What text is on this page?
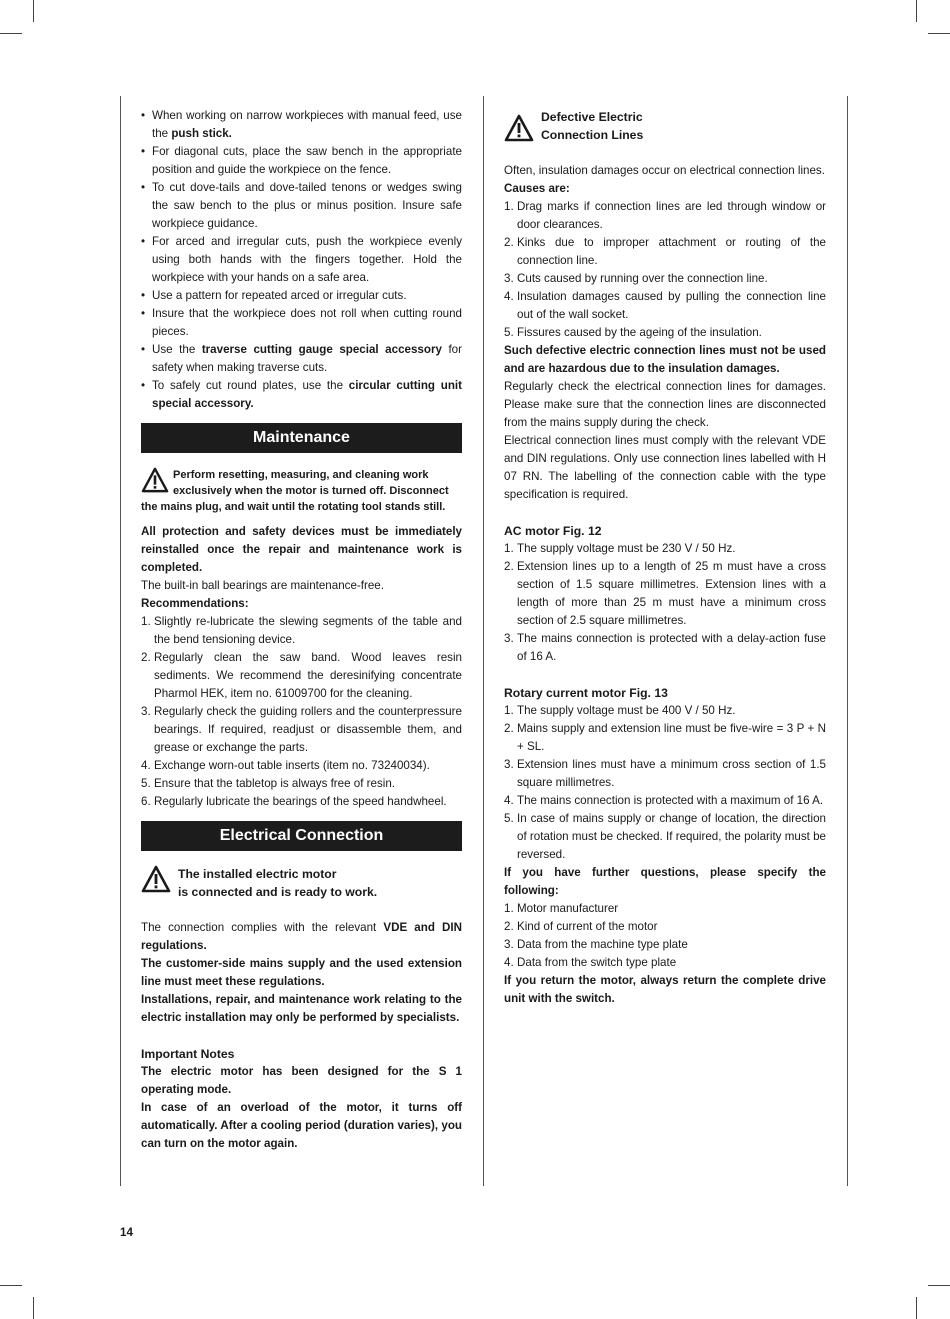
• When working on narrow workpieces with manual feed, use the push stick.
• For diagonal cuts, place the saw bench in the appropriate position and guide the workpiece on the fence.
• To cut dove-tails and dove-tailed tenons or wedges swing the saw bench to the plus or minus position. Insure safe workpiece guidance.
• For arced and irregular cuts, push the workpiece evenly using both hands with the fingers together. Hold the workpiece with your hands on a safe area.
• Use a pattern for repeated arced or irregular cuts.
• Insure that the workpiece does not roll when cutting round pieces.
• Use the traverse cutting gauge special accessory for safety when making traverse cuts.
• To safely cut round plates, use the circular cutting unit special accessory.
Maintenance
Perform resetting, measuring, and cleaning work exclusively when the motor is turned off. Disconnect the mains plug, and wait until the rotating tool stands still.

All protection and safety devices must be immediately reinstalled once the repair and maintenance work is completed.

The built-in ball bearings are maintenance-free.

Recommendations:

1. Slightly re-lubricate the slewing segments of the table and the bend tensioning device.
2. Regularly clean the saw band. Wood leaves resin sediments. We recommend the deresinifying concentrate Pharmol HEK, item no. 61009700 for the cleaning.
3. Regularly check the guiding rollers and the counterpressure bearings. If required, readjust or disassemble them, and grease or exchange the parts.
4. Exchange worn-out table inserts (item no. 73240034).
5. Ensure that the tabletop is always free of resin.
6. Regularly lubricate the bearings of the speed handwheel.
Electrical Connection
The installed electric motor
is connected and is ready to work.

The connection complies with the relevant VDE and DIN regulations.

The customer-side mains supply and the used extension line must meet these regulations.

Installations, repair, and maintenance work relating to the electric installation may only be performed by specialists.

Important Notes

The electric motor has been designed for the S 1 operating mode.

In case of an overload of the motor, it turns off automatically. After a cooling period (duration varies), you can turn on the motor again.

Defective Electric
Connection Lines

Often, insulation damages occur on electrical connection lines.

Causes are:

1. Drag marks if connection lines are led through window or door clearances.
2. Kinks due to improper attachment or routing of the connection line.
3. Cuts caused by running over the connection line.
4. Insulation damages caused by pulling the connection line out of the wall socket.
5. Fissures caused by the ageing of the insulation.

Such defective electric connection lines must not be used and are hazardous due to the insulation damages.

Regularly check the electrical connection lines for damages. Please make sure that the connection lines are disconnected from the mains supply during the check.

Electrical connection lines must comply with the relevant VDE and DIN regulations. Only use connection lines labelled with H 07 RN. The labelling of the connection cable with the type specification is required.

AC motor Fig. 12
1. The supply voltage must be 230 V / 50 Hz.
2. Extension lines up to a length of 25 m must have a cross section of 1.5 square millimetres. Extension lines with a length of more than 25 m must have a minimum cross section of 2.5 square millimetres.
3. The mains connection is protected with a delay-action fuse of 16 A.
Rotary current motor Fig. 13
1. The supply voltage must be 400 V / 50 Hz.
2. Mains supply and extension line must be five-wire = 3 P + N + SL.
3. Extension lines must have a minimum cross section of 1.5 square millimetres.
4. The mains connection is protected with a maximum of 16 A.
5. In case of mains supply or change of location, the direction of rotation must be checked. If required, the polarity must be reversed.

If you have further questions, please specify the following:

1. Motor manufacturer
2. Kind of current of the motor
3. Data from the machine type plate
4. Data from the switch type plate

If you return the motor, always return the complete drive unit with the switch.

14
